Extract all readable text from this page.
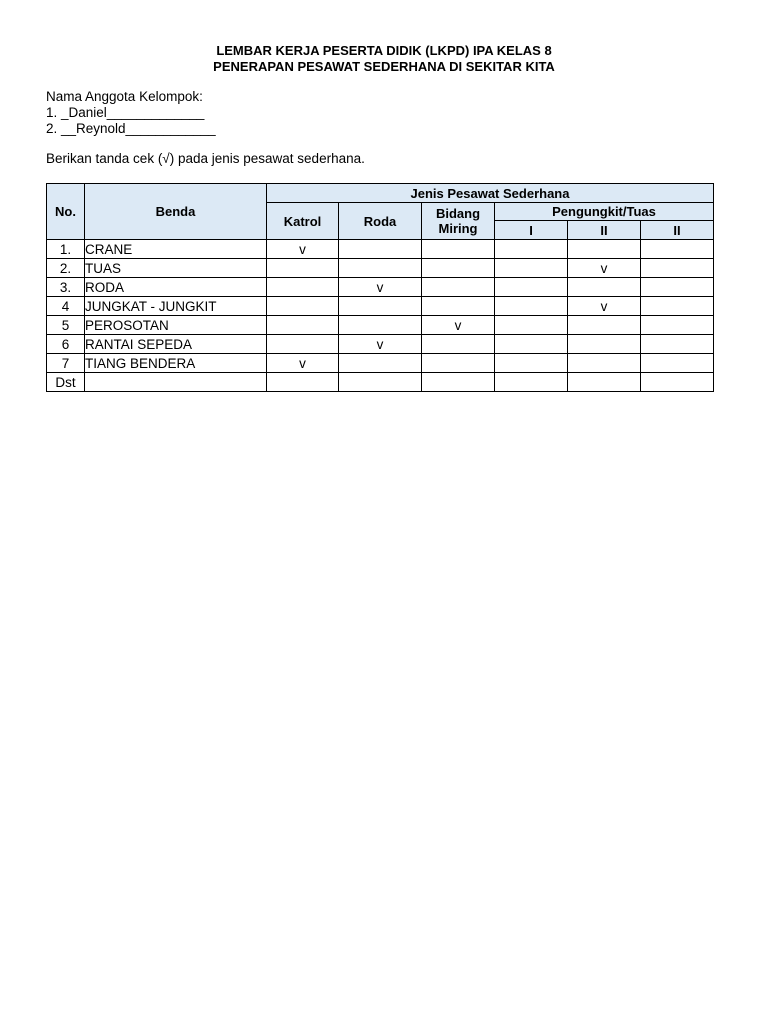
LEMBAR KERJA PESERTA DIDIK (LKPD) IPA KELAS 8
PENERAPAN PESAWAT SEDERHANA DI SEKITAR KITA
Nama Anggota Kelompok:
1. _Daniel_____________
2. __Reynold____________
Berikan tanda cek (√) pada jenis pesawat sederhana.
No.	Benda	Jenis Pesawat Sederhana					
		Katrol	Roda	Bidang
Miring	Pengungkit/Tuas		
					I	II	II
1.	CRANE	v					
2.	TUAS					v	
3.	RODA		v				
4	JUNGKAT - JUNGKIT					v	
5	PEROSOTAN			v			
6	RANTAI SEPEDA		v				
7	TIANG BENDERA	v					
Dst							
